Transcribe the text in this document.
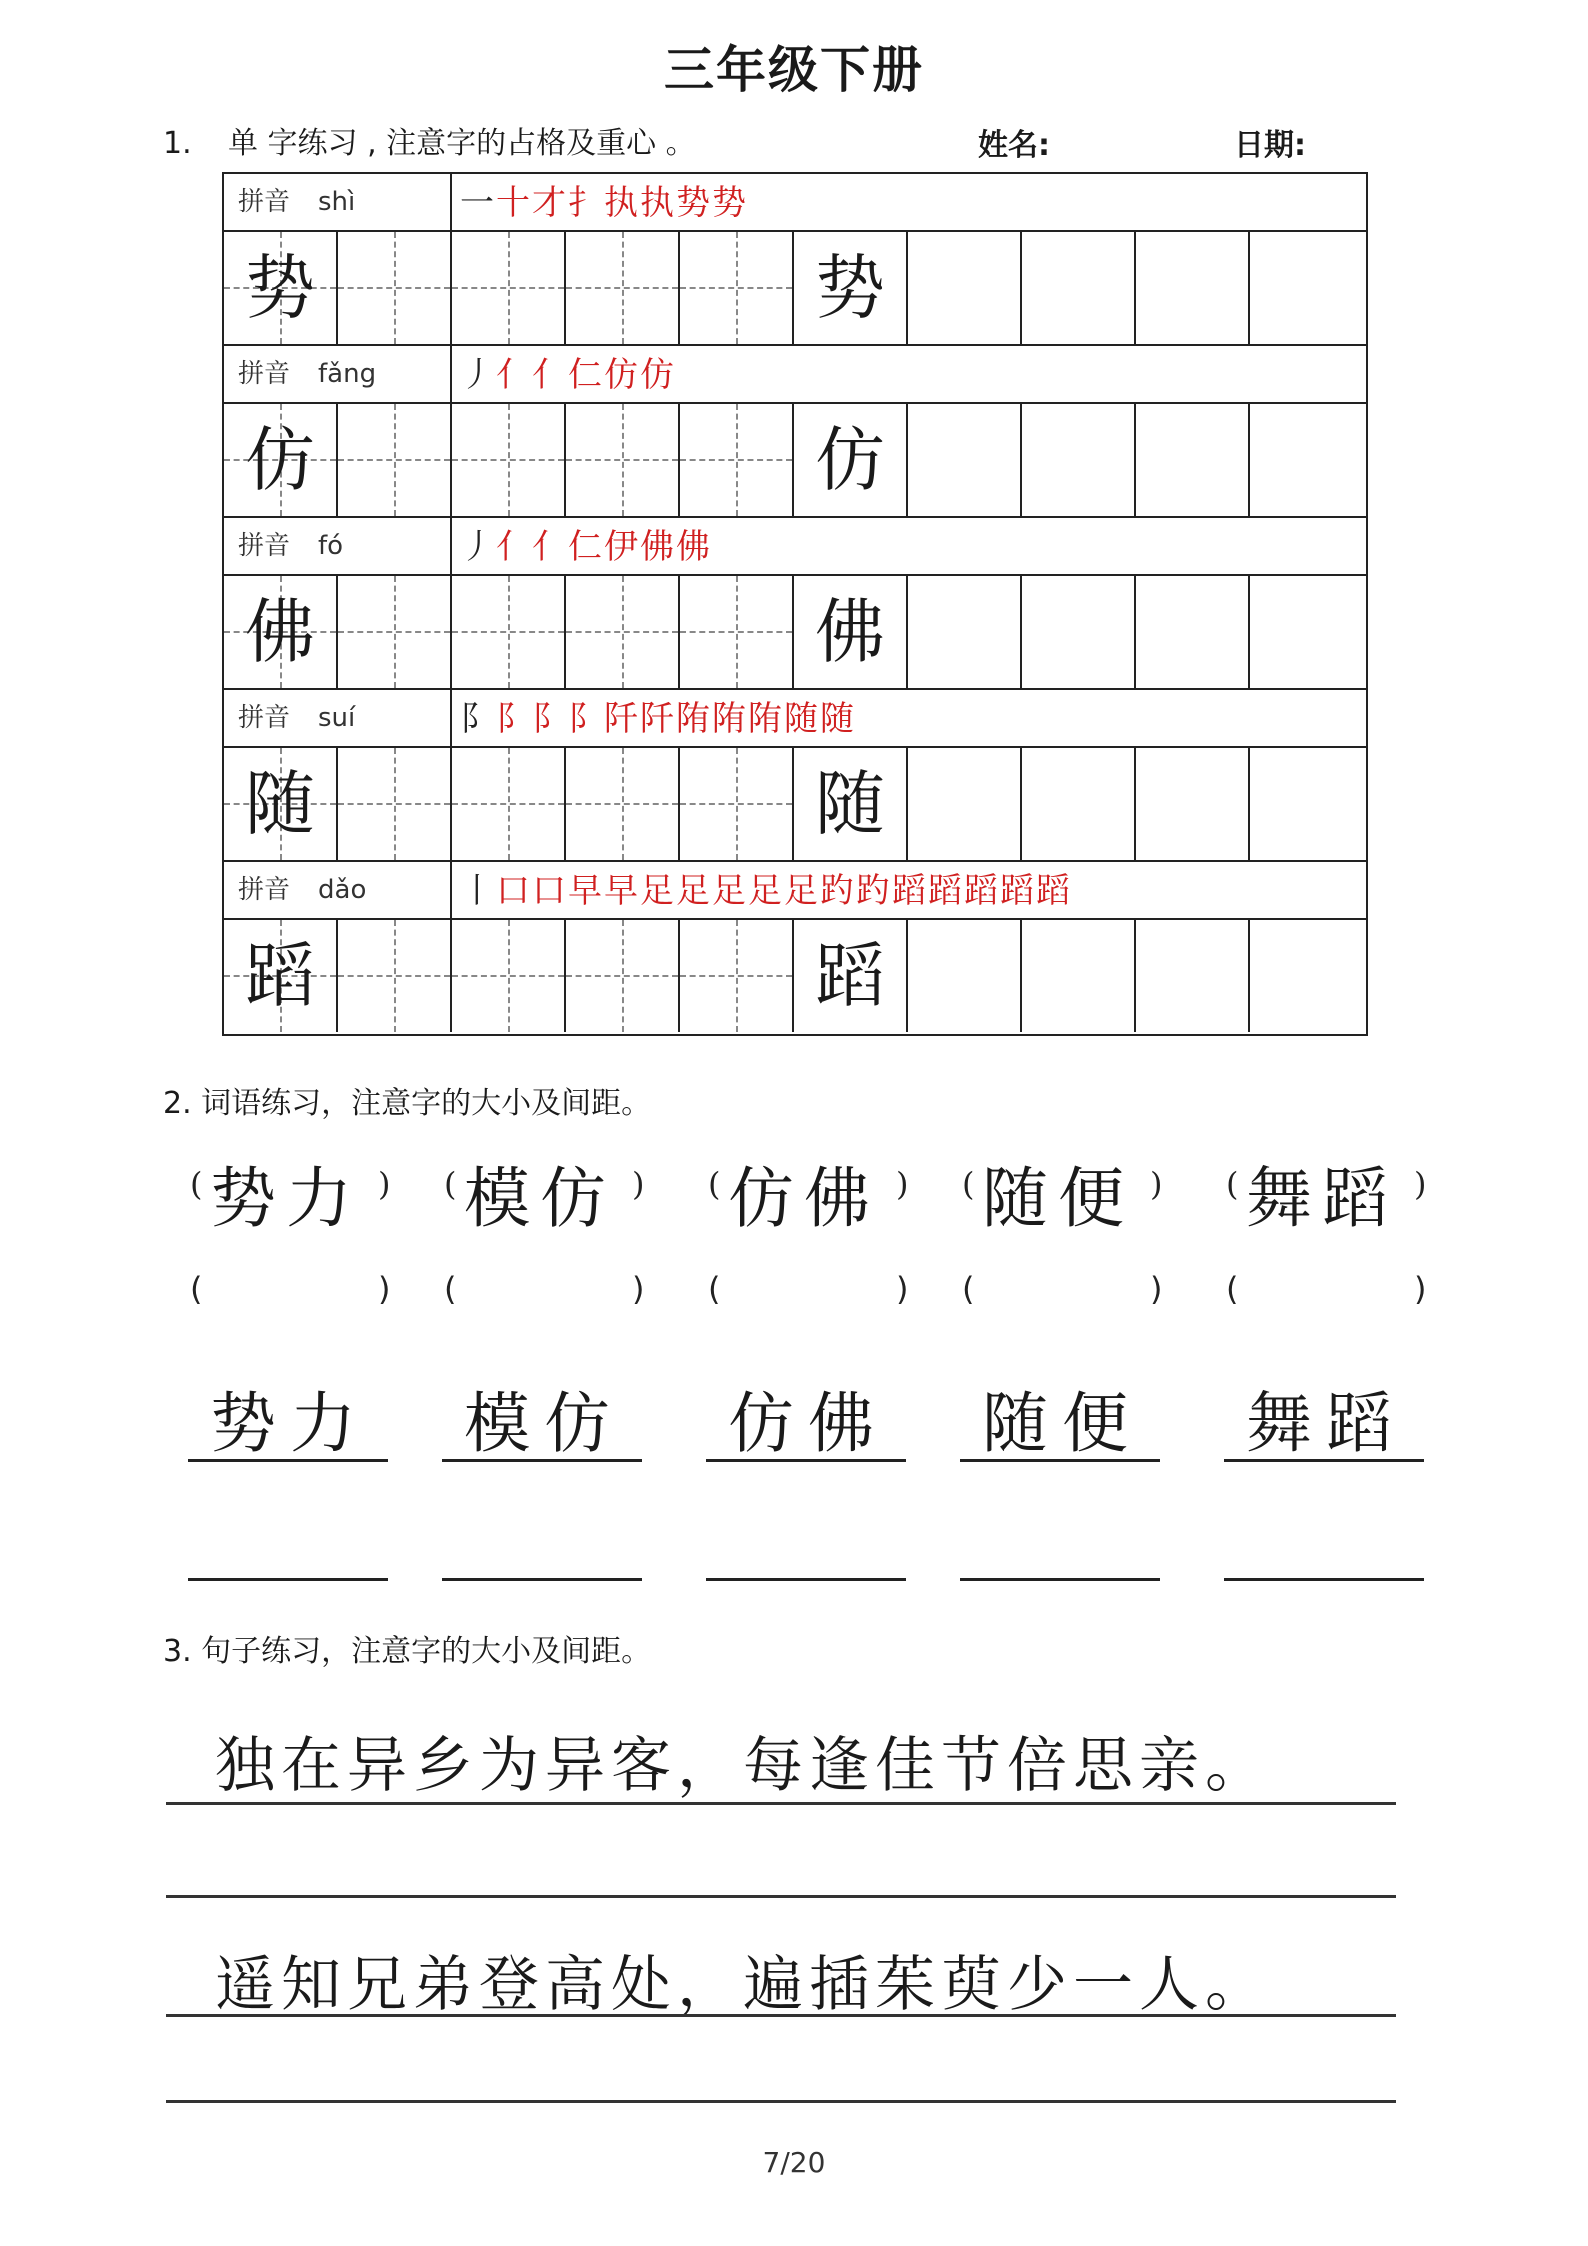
三年级下册
1. 单 字练习 , 注意字的占格及重心 。	姓名:	日期:
拼音 shì	一十才扌执执势势
势	势
拼音 fǎng	丿亻亻仁仿仿
仿	仿
拼音 fó	丿亻亻仁伊佛佛
佛	佛
拼音 suí	阝阝阝阝阡阡陏陏陏随随
随	随
拼音 dǎo	丨口口早早足足足足足趵趵蹈蹈蹈蹈蹈
蹈	蹈
2. 词语练习，注意字的大小及间距。
( 势力 )
(	)
势力
( 模仿 )
(	)
模仿
( 仿佛 )
(	)
仿佛
( 随便 )
(	)
随便
( 舞蹈 )
(	)
舞蹈
3. 句子练习，注意字的大小及间距。
独在异乡为异客，每逢佳节倍思亲。
遥知兄弟登高处，遍插茱萸少一人。
7/20
